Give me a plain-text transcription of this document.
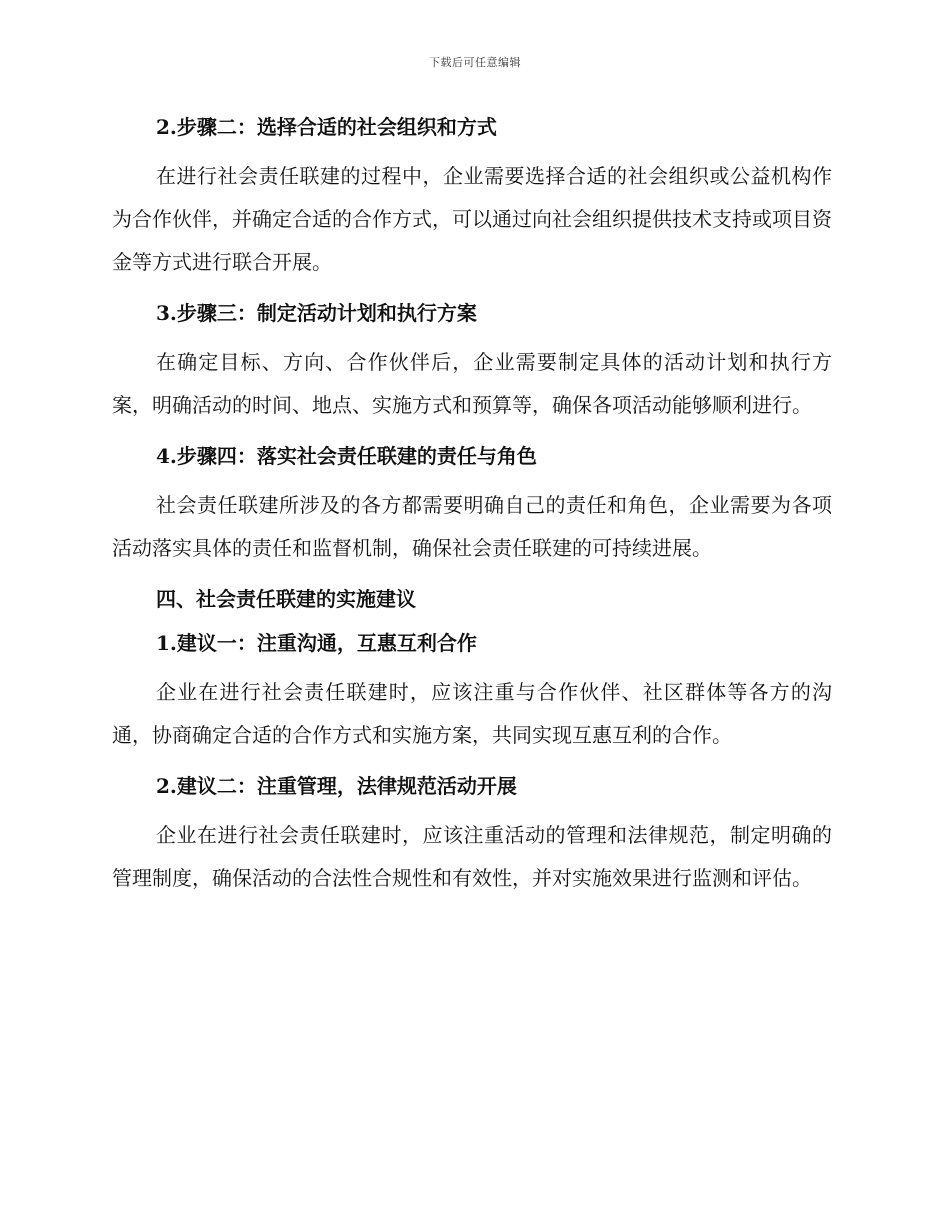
下载后可任意编辑

2.步骤二：选择合适的社会组织和方式

在进行社会责任联建的过程中，企业需要选择合适的社会组织或公益机构作为合作伙伴，并确定合适的合作方式，可以通过向社会组织提供技术支持或项目资金等方式进行联合开展。

3.步骤三：制定活动计划和执行方案

在确定目标、方向、合作伙伴后，企业需要制定具体的活动计划和执行方案，明确活动的时间、地点、实施方式和预算等，确保各项活动能够顺利进行。

4.步骤四：落实社会责任联建的责任与角色

社会责任联建所涉及的各方都需要明确自己的责任和角色，企业需要为各项活动落实具体的责任和监督机制，确保社会责任联建的可持续进展。

四、社会责任联建的实施建议

1.建议一：注重沟通，互惠互利合作

企业在进行社会责任联建时，应该注重与合作伙伴、社区群体等各方的沟通，协商确定合适的合作方式和实施方案，共同实现互惠互利的合作。

2.建议二：注重管理，法律规范活动开展

企业在进行社会责任联建时，应该注重活动的管理和法律规范，制定明确的管理制度，确保活动的合法性合规性和有效性，并对实施效果进行监测和评估。
